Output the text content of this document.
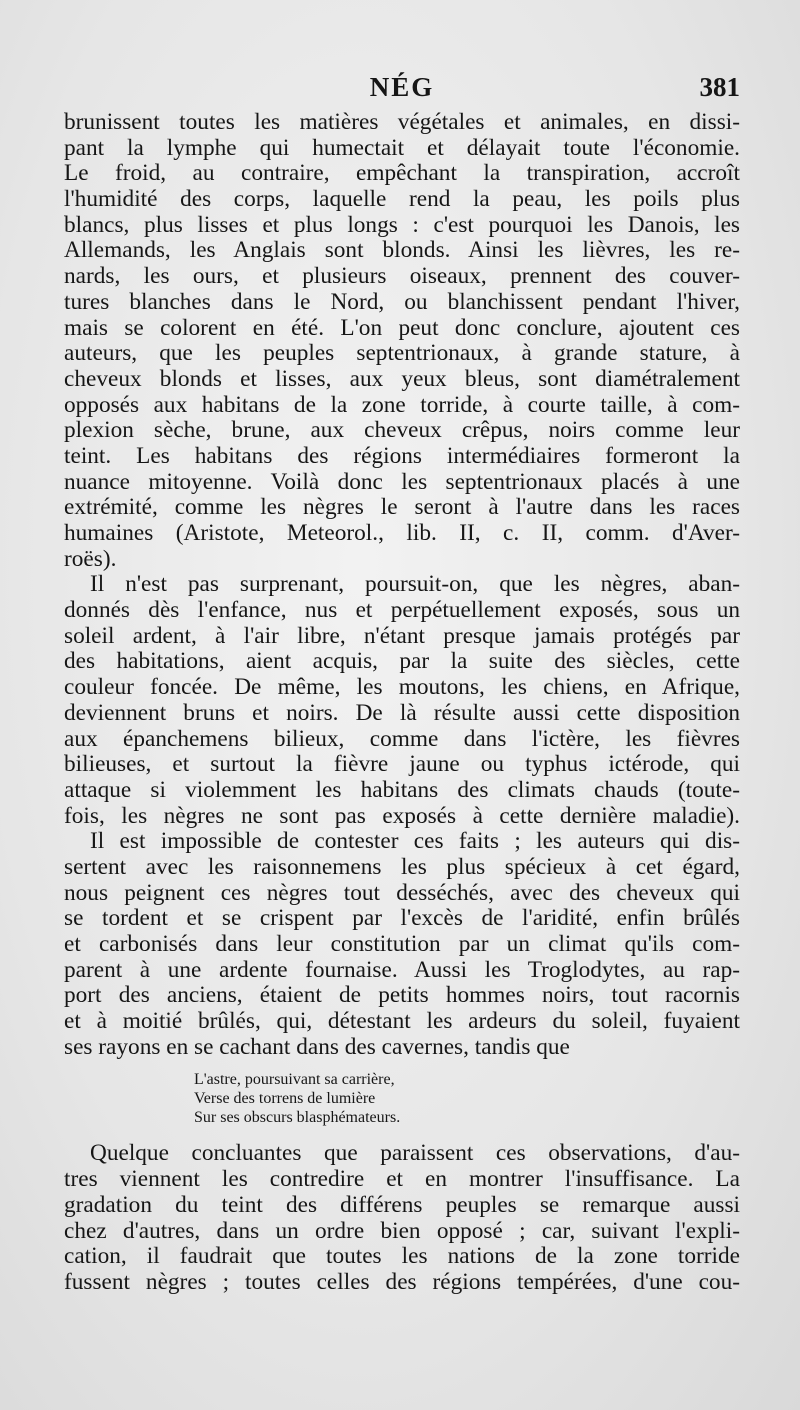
NÉG	381
brunissent toutes les matières végétales et animales, en dissi-
pant la lymphe qui humectait et délayait toute l'économie.
Le froid, au contraire, empêchant la transpiration, accroît
l'humidité des corps, laquelle rend la peau, les poils plus
blancs, plus lisses et plus longs : c'est pourquoi les Danois, les
Allemands, les Anglais sont blonds. Ainsi les lièvres, les re-
nards, les ours, et plusieurs oiseaux, prennent des couver-
tures blanches dans le Nord, ou blanchissent pendant l'hiver,
mais se colorent en été. L'on peut donc conclure, ajoutent ces
auteurs, que les peuples septentrionaux, à grande stature, à
cheveux blonds et lisses, aux yeux bleus, sont diamétralement
opposés aux habitans de la zone torride, à courte taille, à com-
plexion sèche, brune, aux cheveux crêpus, noirs comme leur
teint. Les habitans des régions intermédiaires formeront la
nuance mitoyenne. Voilà donc les septentrionaux placés à une
extrémité, comme les nègres le seront à l'autre dans les races
humaines (Aristote, Meteorol., lib. II, c. II, comm. d'Aver-
roës).
Il n'est pas surprenant, poursuit-on, que les nègres, aban-
donnés dès l'enfance, nus et perpétuellement exposés, sous un
soleil ardent, à l'air libre, n'étant presque jamais protégés par
des habitations, aient acquis, par la suite des siècles, cette
couleur foncée. De même, les moutons, les chiens, en Afrique,
deviennent bruns et noirs. De là résulte aussi cette disposition
aux épanchemens bilieux, comme dans l'ictère, les fièvres
bilieuses, et surtout la fièvre jaune ou typhus ictérode, qui
attaque si violemment les habitans des climats chauds (toute-
fois, les nègres ne sont pas exposés à cette dernière maladie).
Il est impossible de contester ces faits ; les auteurs qui dis-
sertent avec les raisonnemens les plus spécieux à cet égard,
nous peignent ces nègres tout desséchés, avec des cheveux qui
se tordent et se crispent par l'excès de l'aridité, enfin brûlés
et carbonisés dans leur constitution par un climat qu'ils com-
parent à une ardente fournaise. Aussi les Troglodytes, au rap-
port des anciens, étaient de petits hommes noirs, tout racornis
et à moitié brûlés, qui, détestant les ardeurs du soleil, fuyaient
ses rayons en se cachant dans des cavernes, tandis que
L'astre, poursuivant sa carrière,
Verse des torrens de lumière
Sur ses obscurs blasphémateurs.
Quelque concluantes que paraissent ces observations, d'au-
tres viennent les contredire et en montrer l'insuffisance. La
gradation du teint des différens peuples se remarque aussi
chez d'autres, dans un ordre bien opposé ; car, suivant l'expli-
cation, il faudrait que toutes les nations de la zone torride
fussent nègres ; toutes celles des régions tempérées, d'une cou-
